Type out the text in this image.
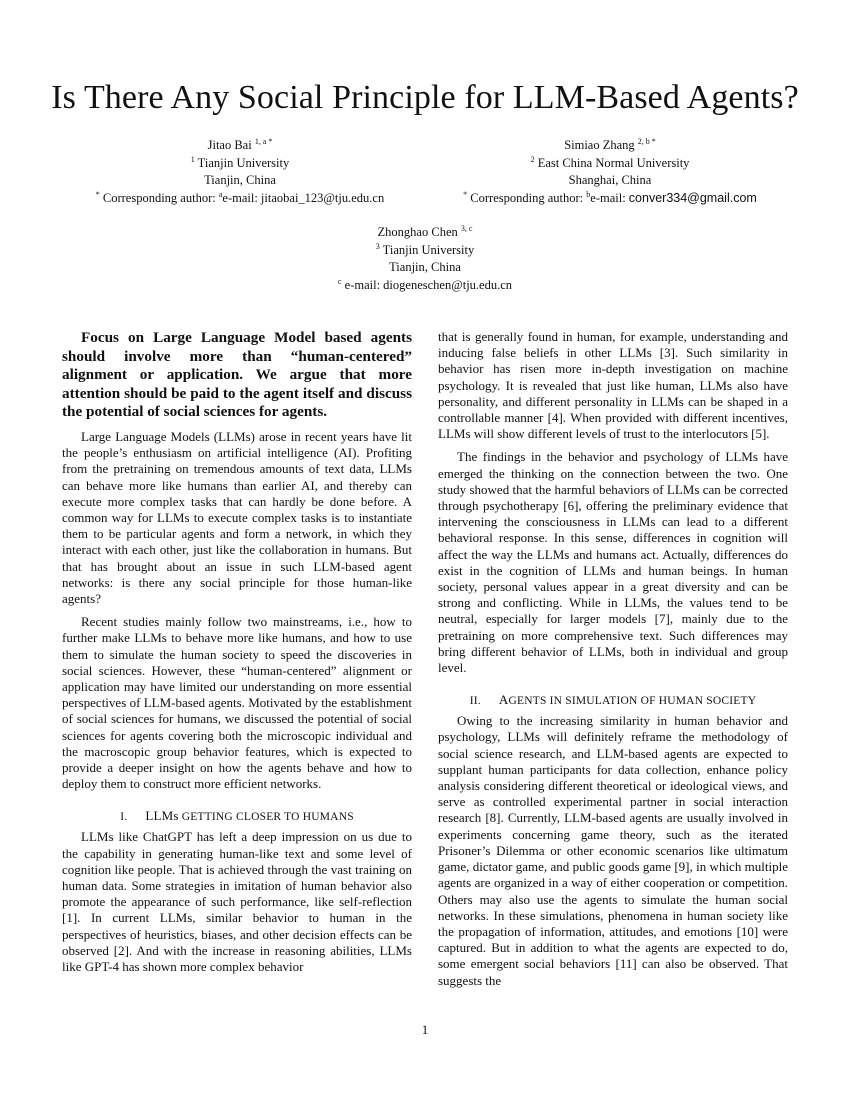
Is There Any Social Principle for LLM-Based Agents?
Jitao Bai $^{1, a *}$
$^1$ Tianjin University
Tianjin, China
* Corresponding author: $^a$e-mail: jitaobai_123@tju.edu.cn
Simiao Zhang $^{2, b *}$
$^2$ East China Normal University
Shanghai, China
* Corresponding author: $^b$e-mail: conver334@gmail.com
Zhonghao Chen $^{3, c}$
$^3$ Tianjin University
Tianjin, China
$^c$ e-mail: diogeneschen@tju.edu.cn

Focus on Large Language Model based agents should involve more than “human-centered” alignment or application. We argue that more attention should be paid to the agent itself and discuss the potential of social sciences for agents.

Large Language Models (LLMs) arose in recent years have lit the people’s enthusiasm on artificial intelligence (AI). Profiting from the pretraining on tremendous amounts of text data, LLMs can behave more like humans than earlier AI, and thereby can execute more complex tasks that can hardly be done before. A common way for LLMs to execute complex tasks is to instantiate them to be particular agents and form a network, in which they interact with each other, just like the collaboration in humans. But that has brought about an issue in such LLM-based agent networks: is there any social principle for those human-like agents?

Recent studies mainly follow two mainstreams, i.e., how to further make LLMs to behave more like humans, and how to use them to simulate the human society to speed the discoveries in social sciences. However, these “human-centered” alignment or application may have limited our understanding on more essential perspectives of LLM-based agents. Motivated by the establishment of social sciences for humans, we discussed the potential of social sciences for agents covering both the microscopic individual and the macroscopic group behavior features, which is expected to provide a deeper insight on how the agents behave and how to deploy them to construct more efficient networks.

I. LLMs GETTING CLOSER TO HUMANS

LLMs like ChatGPT has left a deep impression on us due to the capability in generating human-like text and some level of cognition like people. That is achieved through the vast training on human data. Some strategies in imitation of human behavior also promote the appearance of such performance, like self-reflection [1]. In current LLMs, similar behavior to human in the perspectives of heuristics, biases, and other decision effects can be observed [2]. And with the increase in reasoning abilities, LLMs like GPT-4 has shown more complex behavior

that is generally found in human, for example, understanding and inducing false beliefs in other LLMs [3]. Such similarity in behavior has risen more in-depth investigation on machine psychology. It is revealed that just like human, LLMs also have personality, and different personality in LLMs can be shaped in a controllable manner [4]. When provided with different incentives, LLMs will show different levels of trust to the interlocutors [5].

The findings in the behavior and psychology of LLMs have emerged the thinking on the connection between the two. One study showed that the harmful behaviors of LLMs can be corrected through psychotherapy [6], offering the preliminary evidence that intervening the consciousness in LLMs can lead to a different behavioral response. In this sense, differences in cognition will affect the way the LLMs and humans act. Actually, differences do exist in the cognition of LLMs and human beings. In human society, personal values appear in a great diversity and can be strong and conflicting. While in LLMs, the values tend to be neutral, especially for larger models [7], mainly due to the pretraining on more comprehensive text. Such differences may bring different behavior of LLMs, both in individual and group level.

II. AGENTS IN SIMULATION OF HUMAN SOCIETY

Owing to the increasing similarity in human behavior and psychology, LLMs will definitely reframe the methodology of social science research, and LLM-based agents are expected to supplant human participants for data collection, enhance policy analysis considering different theoretical or ideological views, and serve as controlled experimental partner in social interaction research [8]. Currently, LLM-based agents are usually involved in experiments concerning game theory, such as the iterated Prisoner’s Dilemma or other economic scenarios like ultimatum game, dictator game, and public goods game [9], in which multiple agents are organized in a way of either cooperation or competition. Others may also use the agents to simulate the human social networks. In these simulations, phenomena in human society like the propagation of information, attitudes, and emotions [10] were captured. But in addition to what the agents are expected to do, some emergent social behaviors [11] can also be observed. That suggests the

1
